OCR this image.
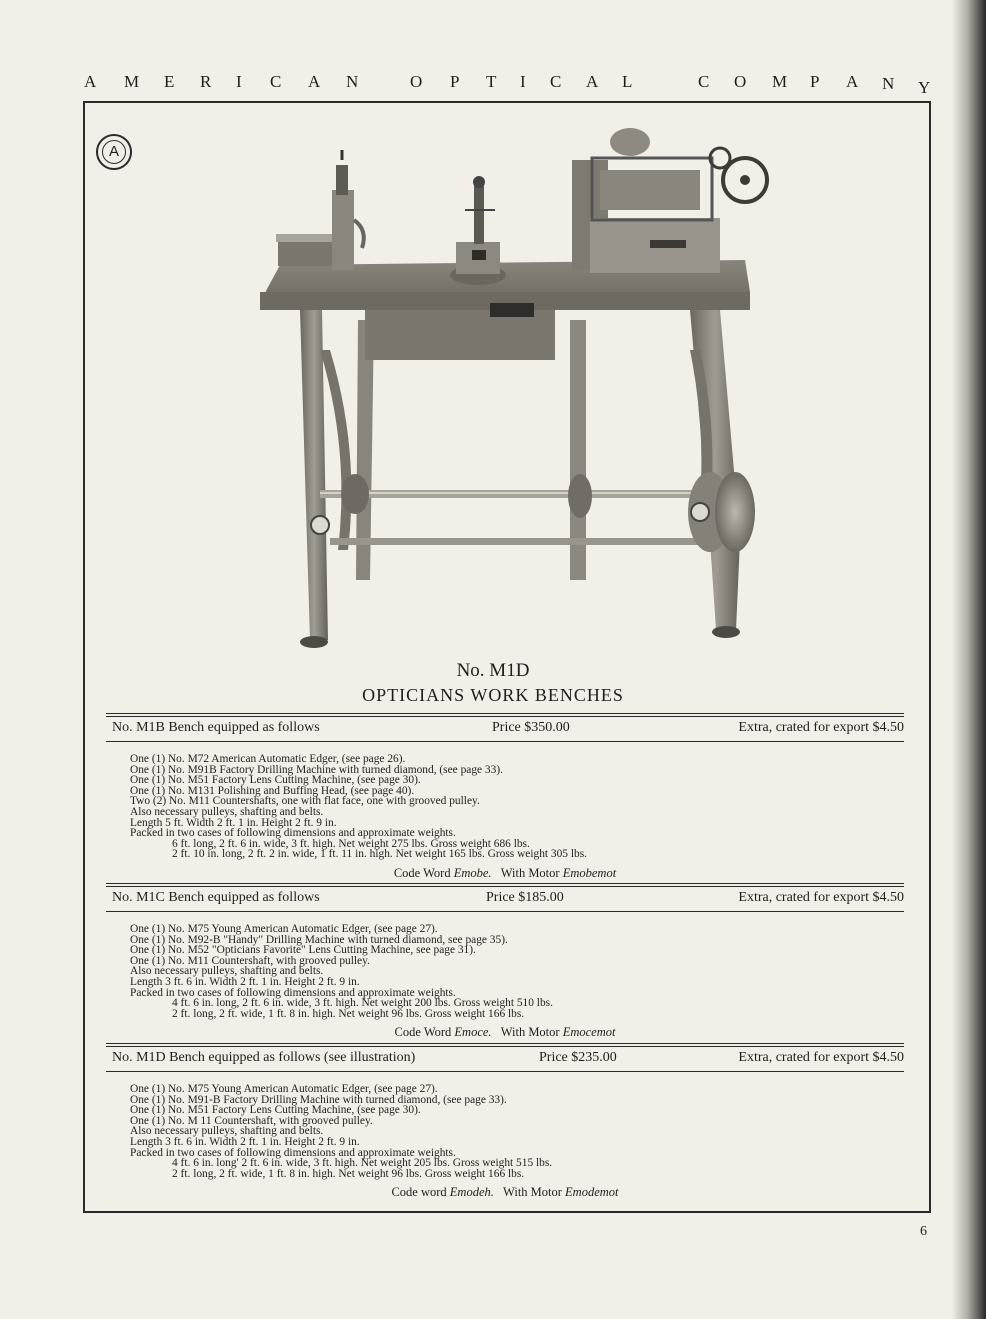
A M E R I C A N	O P T I C A L	C O M P A N Y
A
No. M1D
OPTICIANS WORK BENCHES
No. M1B Bench equipped as follows	Price $350.00	Extra, crated for export $4.50
One (1) No. M72 American Automatic Edger, (see page 26).
One (1) No. M91B Factory Drilling Machine with turned diamond, (see page 33).
One (1) No. M51 Factory Lens Cutting Machine, (see page 30).
One (1) No. M131 Polishing and Buffing Head, (see page 40).
Two (2) No. M11 Countershafts, one with flat face, one with grooved pulley.
Also necessary pulleys, shafting and belts.
Length 5 ft. Width 2 ft. 1 in. Height 2 ft. 9 in.
Packed in two cases of following dimensions and approximate weights.
6 ft. long, 2 ft. 6 in. wide, 3 ft. high. Net weight 275 lbs. Gross weight 686 lbs.
2 ft. 10 in. long, 2 ft. 2 in. wide, 1 ft. 11 in. high. Net weight 165 lbs. Gross weight 305 lbs.
Code Word Emobe. With Motor Emobemot
No. M1C Bench equipped as follows	Price $185.00	Extra, crated for export $4.50
One (1) No. M75 Young American Automatic Edger, (see page 27).
One (1) No. M92-B "Handy" Drilling Machine with turned diamond, see page 35).
One (1) No. M52 "Opticians Favorite" Lens Cutting Machine, see page 31).
One (1) No. M11 Countershaft, with grooved pulley.
Also necessary pulleys, shafting and belts.
Length 3 ft. 6 in. Width 2 ft. 1 in. Height 2 ft. 9 in.
Packed in two cases of following dimensions and approximate weights.
4 ft. 6 in. long, 2 ft. 6 in. wide, 3 ft. high. Net weight 200 lbs. Gross weight 510 lbs.
2 ft. long, 2 ft. wide, 1 ft. 8 in. high. Net weight 96 lbs. Gross weight 166 lbs.
Code Word Emoce. With Motor Emocemot
No. M1D Bench equipped as follows (see illustration)	Price $235.00	Extra, crated for export $4.50
One (1) No. M75 Young American Automatic Edger, (see page 27).
One (1) No. M91-B Factory Drilling Machine with turned diamond, (see page 33).
One (1) No. M51 Factory Lens Cutting Machine, (see page 30).
One (1) No. M 11 Countershaft, with grooved pulley.
Also necessary pulleys, shafting and belts.
Length 3 ft. 6 in. Width 2 ft. 1 in. Height 2 ft. 9 in.
Packed in two cases of following dimensions and approximate weights.
4 ft. 6 in. long' 2 ft. 6 in. wide, 3 ft. high. Net weight 205 lbs. Gross weight 515 lbs.
2 ft. long, 2 ft. wide, 1 ft. 8 in. high. Net weight 96 lbs. Gross weight 166 lbs.
Code word Emodeh. With Motor Emodemot
6
